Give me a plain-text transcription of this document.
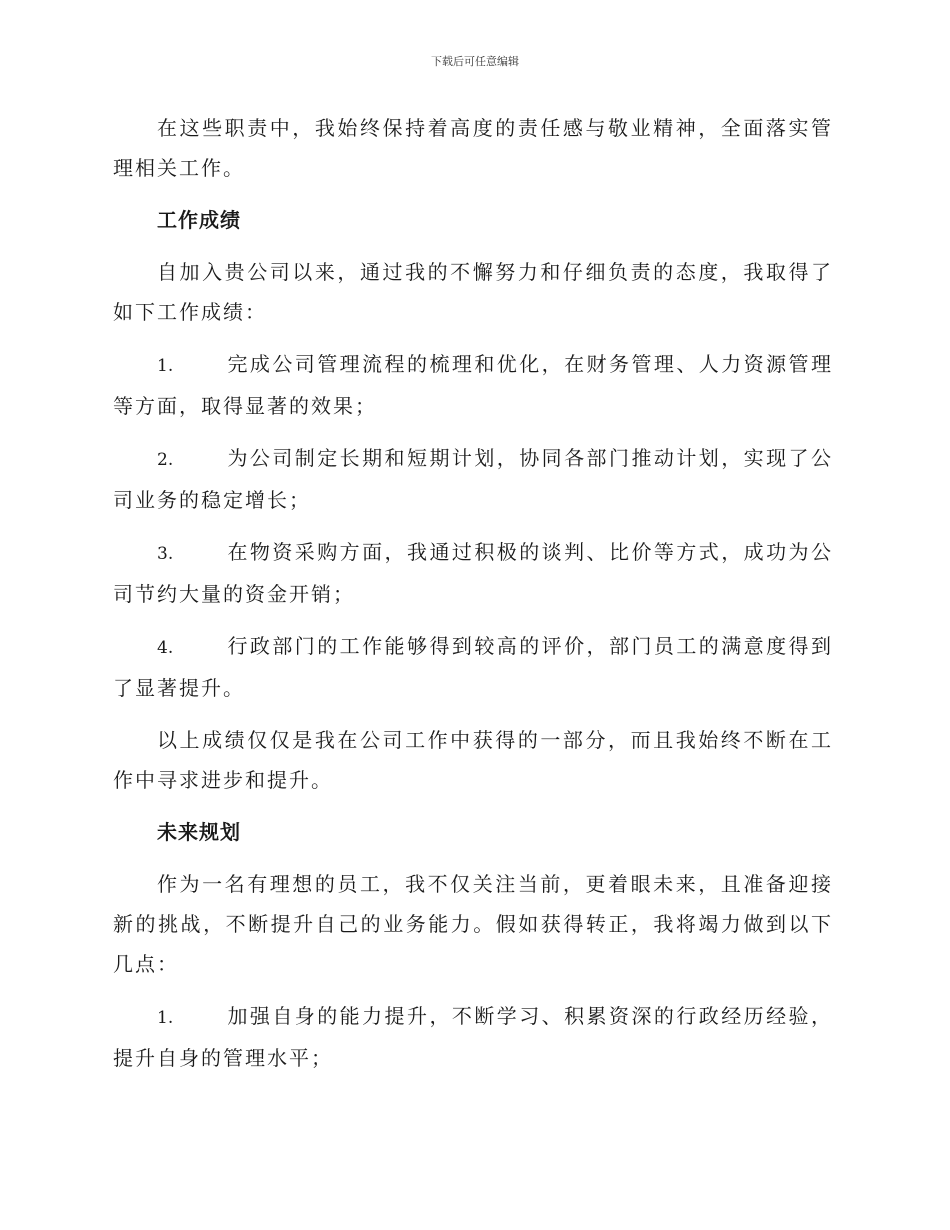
下载后可任意编辑

在这些职责中，我始终保持着高度的责任感与敬业精神，全面落实管理相关工作。

工作成绩

自加入贵公司以来，通过我的不懈努力和仔细负责的态度，我取得了如下工作成绩：

1.	完成公司管理流程的梳理和优化，在财务管理、人力资源管理等方面，取得显著的效果；

2.	为公司制定长期和短期计划，协同各部门推动计划，实现了公司业务的稳定增长；

3.	在物资采购方面，我通过积极的谈判、比价等方式，成功为公司节约大量的资金开销；

4.	行政部门的工作能够得到较高的评价，部门员工的满意度得到了显著提升。

以上成绩仅仅是我在公司工作中获得的一部分，而且我始终不断在工作中寻求进步和提升。

未来规划

作为一名有理想的员工，我不仅关注当前，更着眼未来，且准备迎接新的挑战，不断提升自己的业务能力。假如获得转正，我将竭力做到以下几点：

1.	加强自身的能力提升，不断学习、积累资深的行政经历经验，提升自身的管理水平；
